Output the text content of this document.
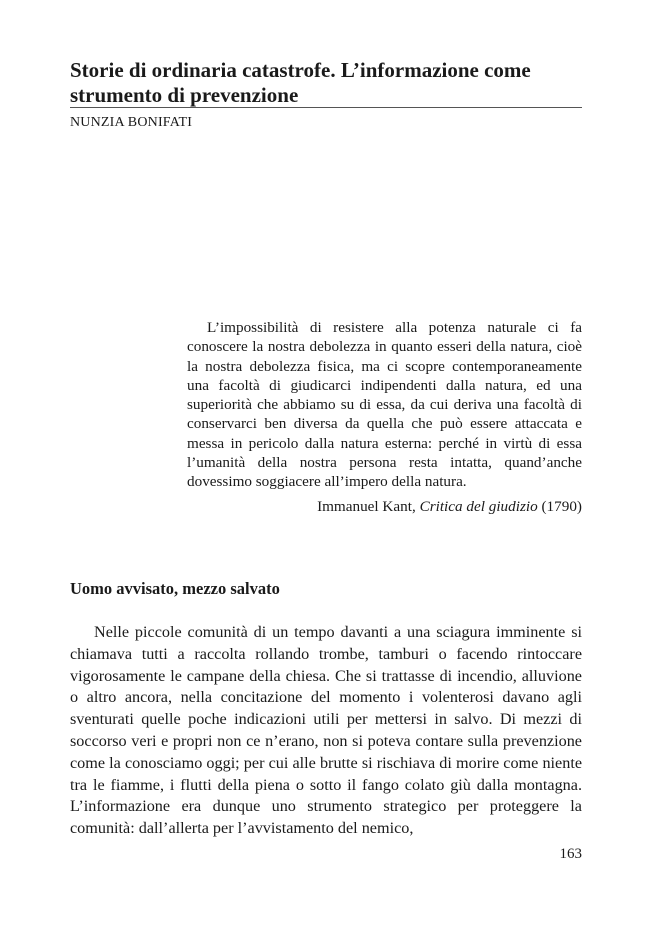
Storie di ordinaria catastrofe. L’informazione come strumento di prevenzione
NUNZIA BONIFATI

L’impossibilità di resistere alla potenza naturale ci fa conoscere la nostra debolezza in quanto esseri della natura, cioè la nostra debolezza fisica, ma ci scopre contemporaneamente una facoltà di giudicarci indipendenti dalla natura, ed una superiorità che abbiamo su di essa, da cui deriva una facoltà di conservarci ben diversa da quella che può essere attaccata e messa in pericolo dalla natura esterna: perché in virtù di essa l’umanità della nostra persona resta intatta, quand’anche dovessimo soggiacere all’impero della natura.

Immanuel Kant, Critica del giudizio (1790)
Uomo avvisato, mezzo salvato

Nelle piccole comunità di un tempo davanti a una sciagura imminente si chiamava tutti a raccolta rollando trombe, tamburi o facendo rintoccare vigorosamente le campane della chiesa. Che si trattasse di incendio, alluvione o altro ancora, nella concitazione del momento i volenterosi davano agli sventurati quelle poche indicazioni utili per mettersi in salvo. Di mezzi di soccorso veri e propri non ce n’erano, non si poteva contare sulla prevenzione come la conosciamo oggi; per cui alle brutte si rischiava di morire come niente tra le fiamme, i flutti della piena o sotto il fango colato giù dalla montagna. L’informazione era dunque uno strumento strategico per proteggere la comunità: dall’allerta per l’avvistamento del nemico,

163
